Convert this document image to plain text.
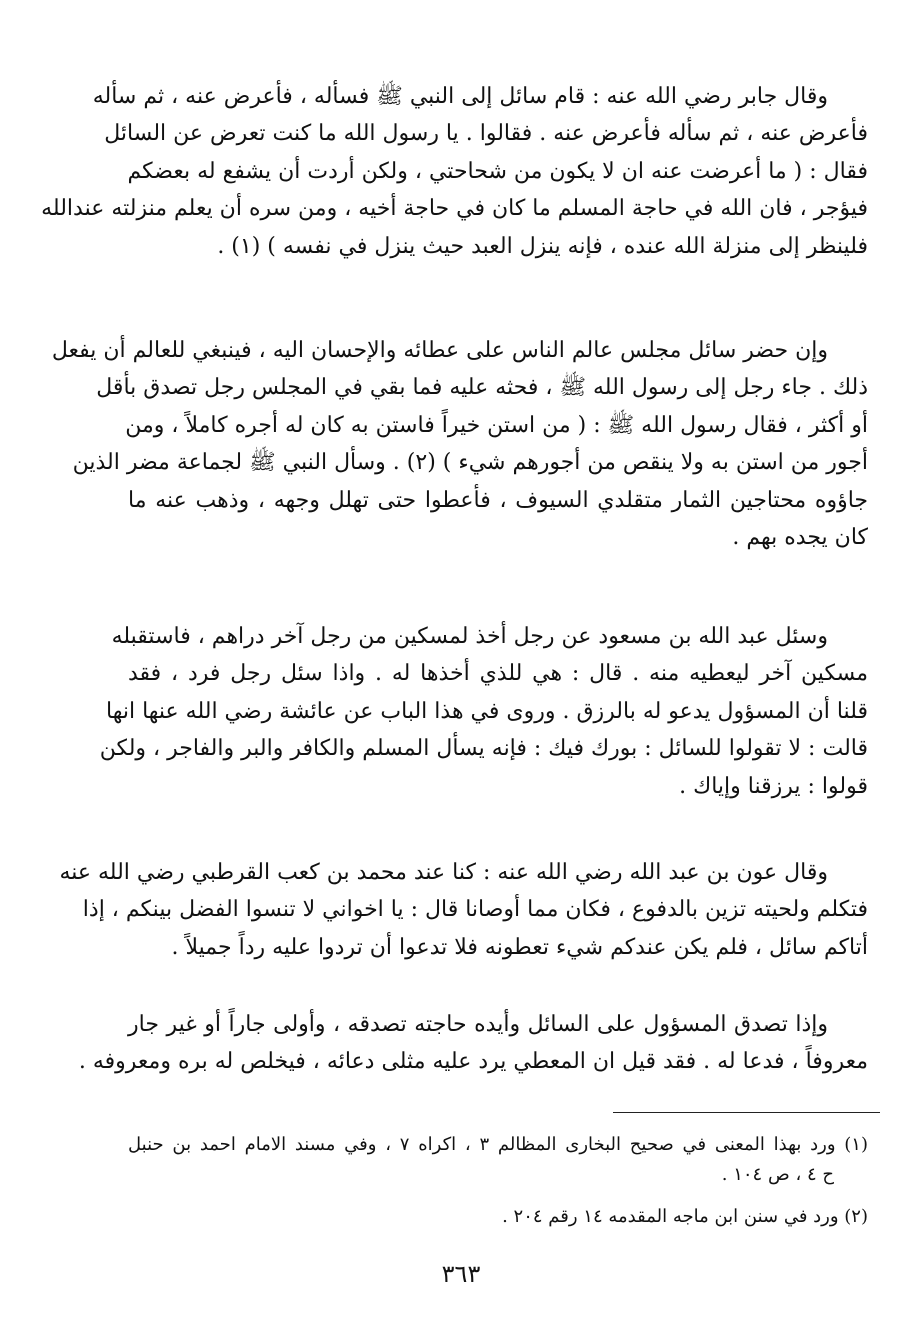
وقال جابر رضي الله عنه : قام سائل إلى النبي ﷺ فسأله ، فأعرض عنه ، ثم سأله
فأعرض عنه ، ثم سأله فأعرض عنه . فقالوا . يا رسول الله ما كنت تعرض عن السائل
فقال : ( ما أعرضت عنه ان لا يكون من شحاحتي ، ولكن أردت أن يشفع له بعضكم
فيؤجر ، فان الله في حاجة المسلم ما كان في حاجة أخيه ، ومن سره أن يعلم منزلته عندالله
فلينظر إلى منزلة الله عنده ، فإنه ينزل العبد حيث ينزل في نفسه ) (١) .
وإن حضر سائل مجلس عالم الناس على عطائه والإحسان اليه ، فينبغي للعالم أن يفعل
ذلك . جاء رجل إلى رسول الله ﷺ ، فحثه عليه فما بقي في المجلس رجل تصدق بأقل
أو أكثر ، فقال رسول الله ﷺ : ( من استن خيراً فاستن به كان له أجره كاملاً ، ومن
أجور من استن به ولا ينقص من أجورهم شيء ) (٢) . وسأل النبي ﷺ لجماعة مضر الذين
جاؤوه محتاجين الثمار متقلدي السيوف ، فأعطوا حتى تهلل وجهه ، وذهب عنه ما
كان يجده بهم .
وسئل عبد الله بن مسعود عن رجل أخذ لمسكين من رجل آخر دراهم ، فاستقبله
مسكين آخر ليعطيه منه . قال : هي للذي أخذها له . واذا سئل رجل فرد ، فقد
قلنا أن المسؤول يدعو له بالرزق . وروى في هذا الباب عن عائشة رضي الله عنها انها
قالت : لا تقولوا للسائل : بورك فيك : فإنه يسأل المسلم والكافر والبر والفاجر ، ولكن
قولوا : يرزقنا وإياك .
وقال عون بن عبد الله رضي الله عنه : كنا عند محمد بن كعب القرطبي رضي الله عنه
فتكلم ولحيته تزين بالدفوع ، فكان مما أوصانا قال : يا اخواني لا تنسوا الفضل بينكم ، إذا
أتاكم سائل ، فلم يكن عندكم شيء تعطونه فلا تدعوا أن تردوا عليه رداً جميلاً .
وإذا تصدق المسؤول على السائل وأيده حاجته تصدقه ، وأولى جاراً أو غير جار
معروفاً ، فدعا له . فقد قيل ان المعطي يرد عليه مثلى دعائه ، فيخلص له بره ومعروفه .
(١) ورد بهذا المعنى في صحيح البخارى المظالم ٣ ، اكراه ٧ ، وفي مسند الامام احمد بن حنبل
ح ٤ ، ص ١٠٤ .
(٢) ورد في سنن ابن ماجه المقدمه ١٤ رقم ٢٠٤ .
٣٦٣
